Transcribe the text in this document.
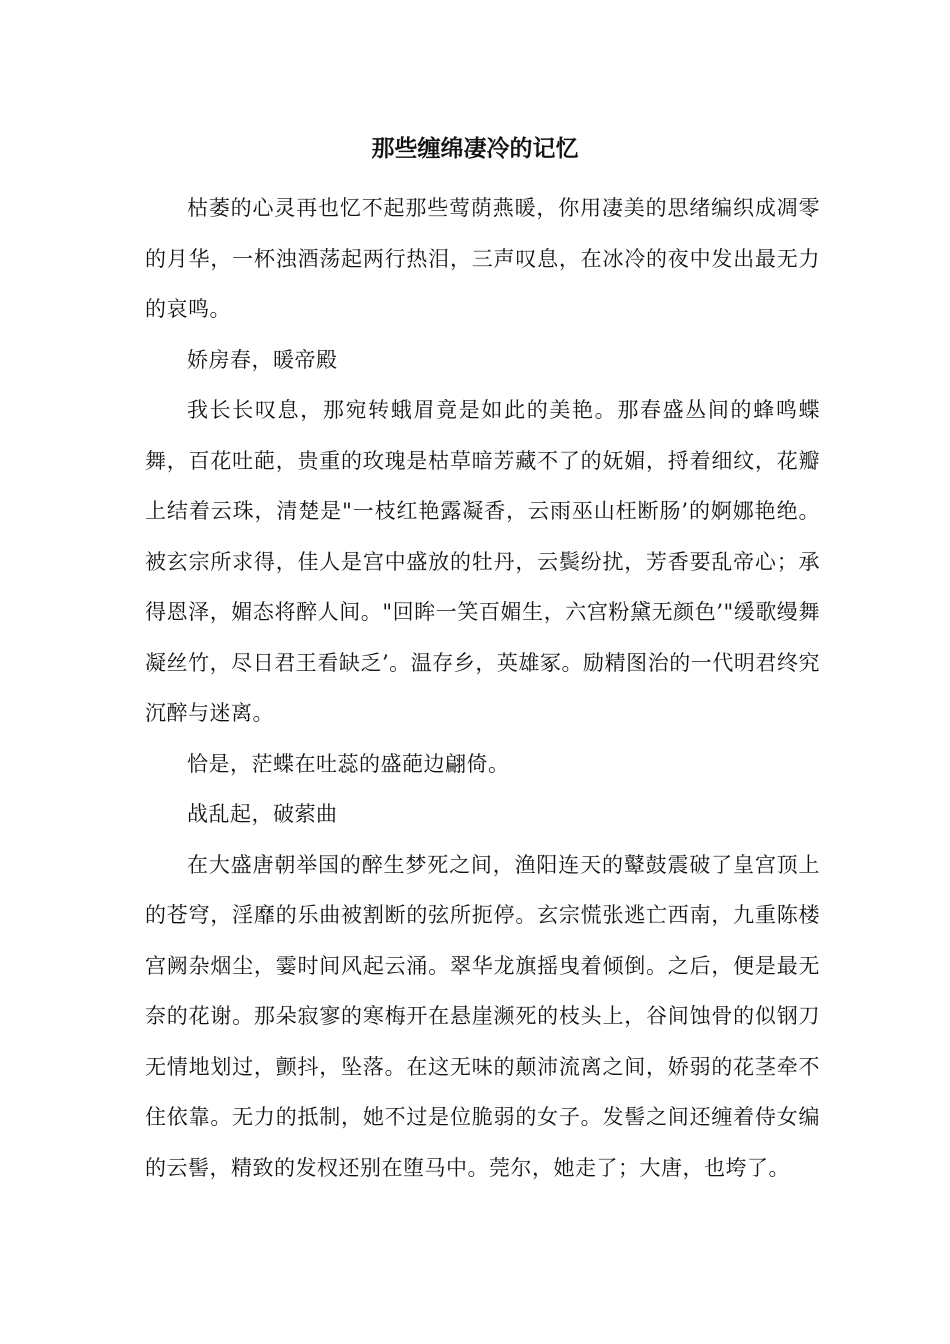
那些缠绵凄冷的记忆

枯萎的心灵再也忆不起那些莺荫燕暖，你用凄美的思绪编织成凋零的月华，一杯浊酒荡起两行热泪，三声叹息，在冰冷的夜中发出最无力的哀鸣。

娇房春，暖帝殿

我长长叹息，那宛转蛾眉竟是如此的美艳。那春盛丛间的蜂鸣蝶舞，百花吐葩，贵重的玫瑰是枯草暗芳藏不了的妩媚，捋着细纹，花瓣上结着云珠，清楚是"一枝红艳露凝香，云雨巫山枉断肠’的婀娜艳绝。被玄宗所求得，佳人是宫中盛放的牡丹，云鬓纷扰，芳香要乱帝心；承得恩泽，媚态将醉人间。"回眸一笑百媚生，六宫粉黛无颜色’"缓歌缦舞凝丝竹，尽日君王看缺乏’。温存乡，英雄冢。励精图治的一代明君终究沉醉与迷离。

恰是，茫蝶在吐蕊的盛葩边翩倚。

战乱起，破萦曲

在大盛唐朝举国的醉生梦死之间，渔阳连天的鼙鼓震破了皇宫顶上的苍穹，淫靡的乐曲被割断的弦所扼停。玄宗慌张逃亡西南，九重陈楼宫阙杂烟尘，霎时间风起云涌。翠华龙旗摇曳着倾倒。之后，便是最无奈的花谢。那朵寂寥的寒梅开在悬崖濒死的枝头上，谷间蚀骨的似钢刀无情地划过，颤抖，坠落。在这无味的颠沛流离之间，娇弱的花茎牵不住依靠。无力的抵制，她不过是位脆弱的女子。发髻之间还缠着侍女编的云髻，精致的发杈还别在堕马中。莞尔，她走了；大唐，也垮了。
